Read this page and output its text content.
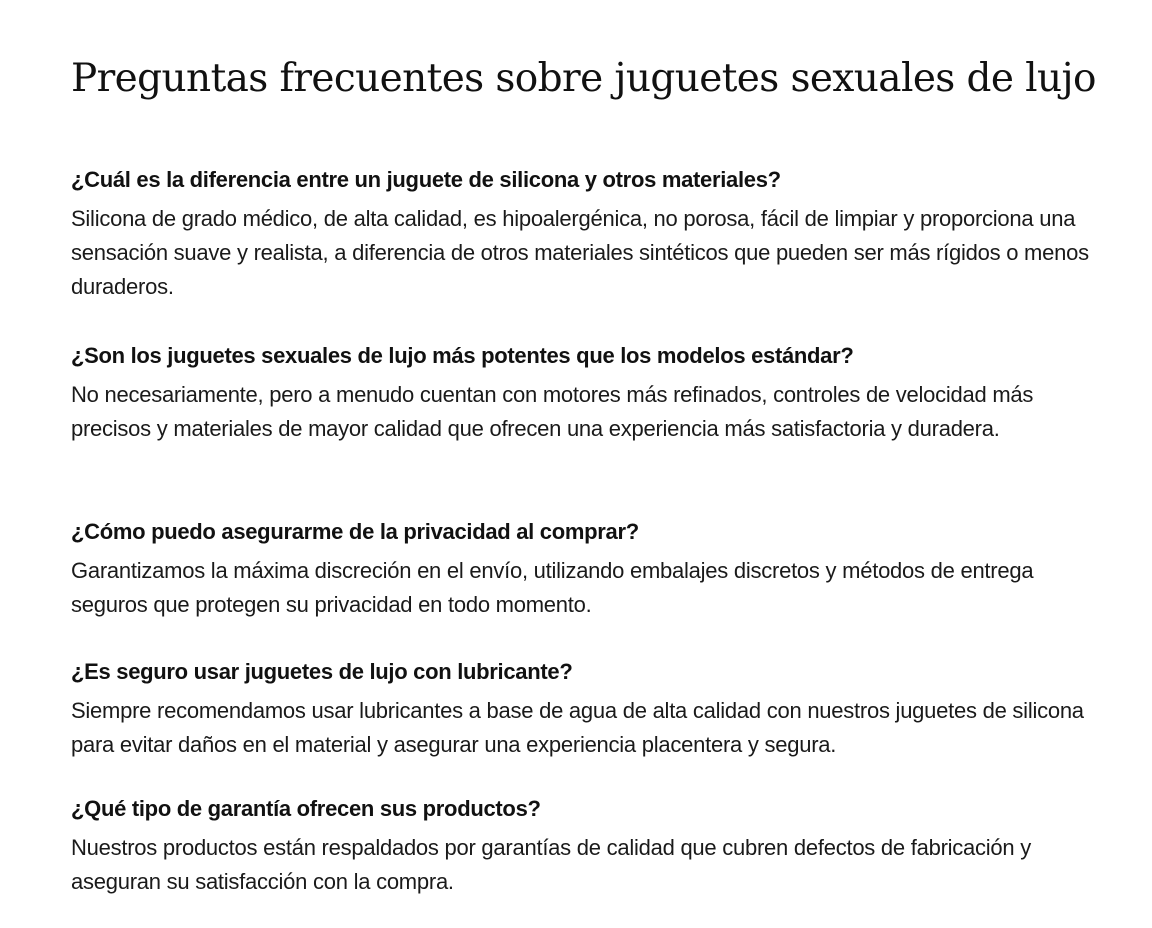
Preguntas frecuentes sobre juguetes sexuales de lujo
¿Cuál es la diferencia entre un juguete de silicona y otros materiales?

Silicona de grado médico, de alta calidad, es hipoalergénica, no porosa, fácil de limpiar y proporciona una sensación suave y realista, a diferencia de otros materiales sintéticos que pueden ser más rígidos o menos duraderos.

¿Son los juguetes sexuales de lujo más potentes que los modelos estándar?

No necesariamente, pero a menudo cuentan con motores más refinados, controles de velocidad más precisos y materiales de mayor calidad que ofrecen una experiencia más satisfactoria y duradera.

¿Cómo puedo asegurarme de la privacidad al comprar?

Garantizamos la máxima discreción en el envío, utilizando embalajes discretos y métodos de entrega seguros que protegen su privacidad en todo momento.

¿Es seguro usar juguetes de lujo con lubricante?

Siempre recomendamos usar lubricantes a base de agua de alta calidad con nuestros juguetes de silicona para evitar daños en el material y asegurar una experiencia placentera y segura.

¿Qué tipo de garantía ofrecen sus productos?

Nuestros productos están respaldados por garantías de calidad que cubren defectos de fabricación y aseguran su satisfacción con la compra.
